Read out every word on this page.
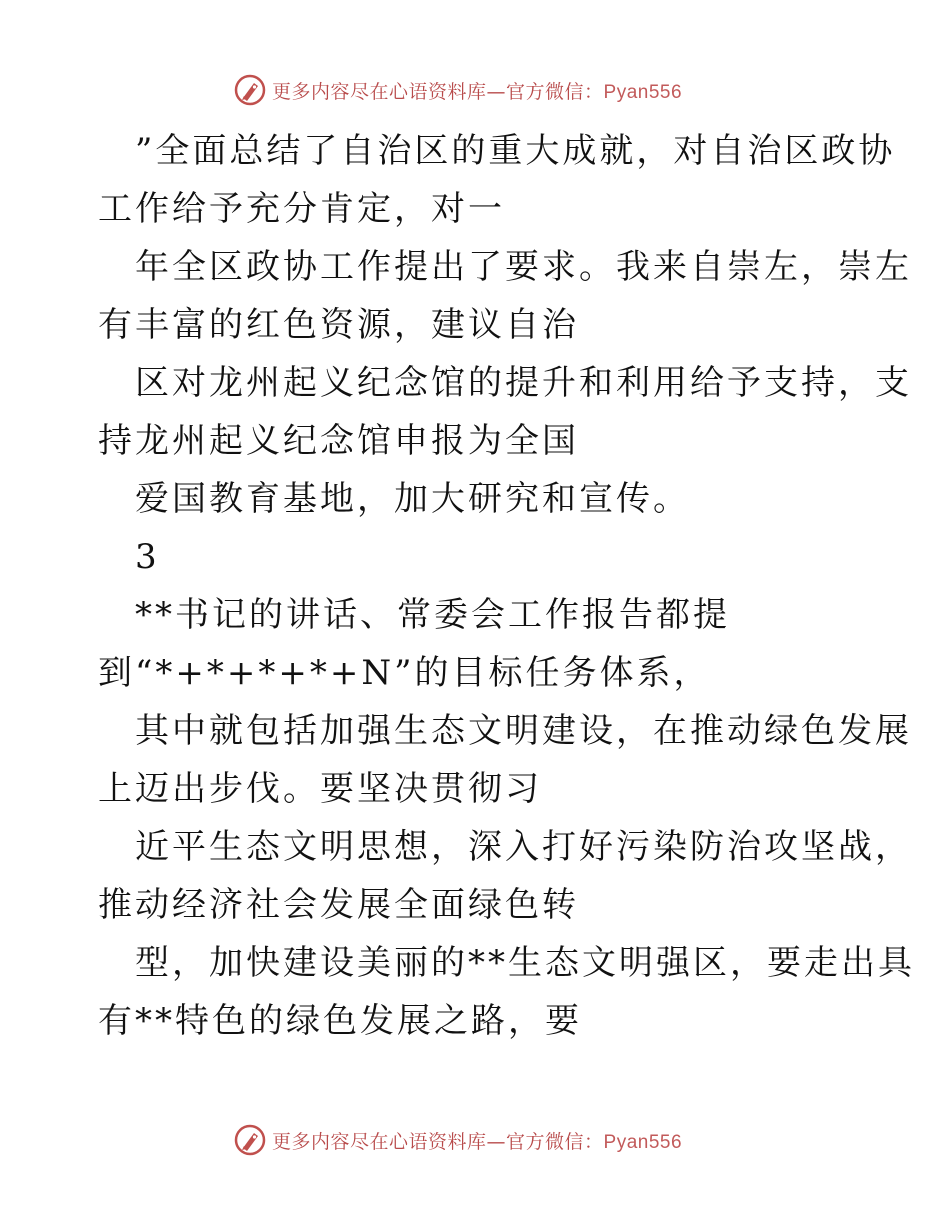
更多内容尽在心语资料库—官方微信：Pyan556
”全面总结了自治区的重大成就，对自治区政协
工作给予充分肯定，对一
年全区政协工作提出了要求。我来自崇左，崇左
有丰富的红色资源，建议自治
区对龙州起义纪念馆的提升和利用给予支持，支
持龙州起义纪念馆申报为全国
爱国教育基地，加大研究和宣传。
3
**书记的讲话、常委会工作报告都提
到“*+*+*+*+N”的目标任务体系，
其中就包括加强生态文明建设，在推动绿色发展
上迈出步伐。要坚决贯彻习
近平生态文明思想，深入打好污染防治攻坚战，
推动经济社会发展全面绿色转
型，加快建设美丽的**生态文明强区，要走出具
有**特色的绿色发展之路，要
更多内容尽在心语资料库—官方微信：Pyan556
